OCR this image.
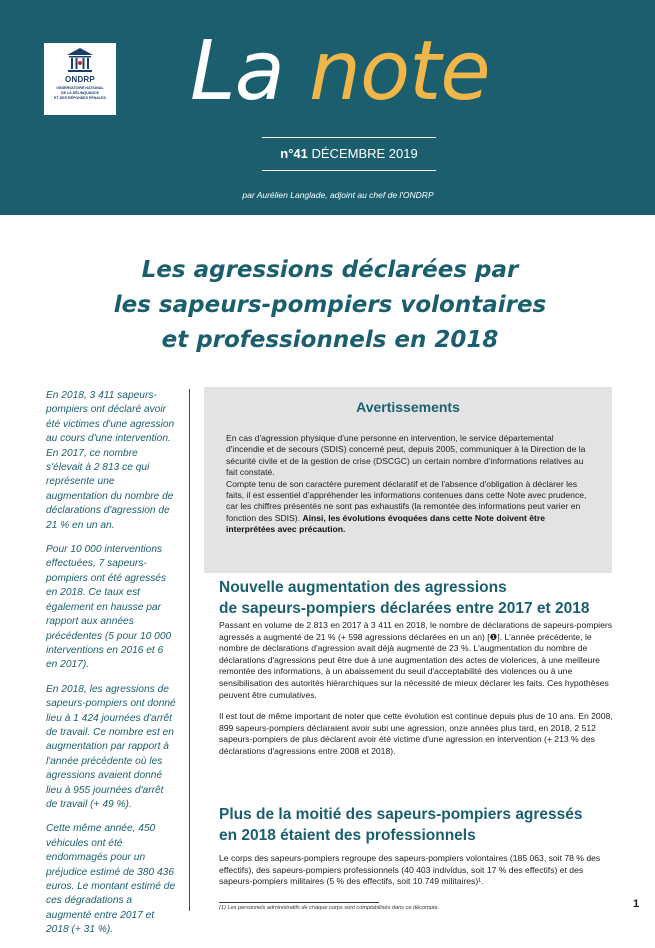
ONDRP
OBSERVATOIRE NATIONAL
DE LA DÉLINQUANCE
ET DES RÉPONSES PÉNALES La note
n°41 DÉCEMBRE 2019
par Aurélien Langlade, adjoint au chef de l'ONDRP
Les agressions déclarées par
les sapeurs-pompiers volontaires
et professionnels en 2018

En 2018, 3 411 sapeurs-pompiers ont déclaré avoir été victimes d'une agression au cours d'une intervention. En 2017, ce nombre s'élevait à 2 813 ce qui représente une augmentation du nombre de déclarations d'agression de 21 % en un an.

Pour 10 000 interventions effectuées, 7 sapeurs-pompiers ont été agressés en 2018. Ce taux est également en hausse par rapport aux années précédentes (5 pour 10 000 interventions en 2016 et 6 en 2017).

En 2018, les agressions de sapeurs-pompiers ont donné lieu à 1 424 journées d'arrêt de travail. Ce nombre est en augmentation par rapport à l'année précédente où les agressions avaient donné lieu à 955 journées d'arrêt de travail (+ 49 %).

Cette même année, 450 véhicules ont été endommagés pour un préjudice estimé de 380 436 euros. Le montant estimé de ces dégradations a augmenté entre 2017 et 2018 (+ 31 %).

Avertissements

En cas d'agression physique d'une personne en intervention, le service départemental d'incendie et de secours (SDIS) concerné peut, depuis 2005, communiquer à la Direction de la sécurité civile et de la gestion de crise (DSCGC) un certain nombre d'informations relatives au fait constaté.

Compte tenu de son caractère purement déclaratif et de l'absence d'obligation à déclarer les faits, il est essentiel d'appréhender les informations contenues dans cette Note avec prudence, car les chiffres présentés ne sont pas exhaustifs (la remontée des informations peut varier en fonction des SDIS). Ainsi, les évolutions évoquées dans cette Note doivent être interprétées avec précaution.

Nouvelle augmentation des agressions
de sapeurs-pompiers déclarées entre 2017 et 2018

Passant en volume de 2 813 en 2017 à 3 411 en 2018, le nombre de déclarations de sapeurs-pompiers agressés a augmenté de 21 % (+ 598 agressions déclarées en un an) [❶]. L'année précédente, le nombre de déclarations d'agression avait déjà augmenté de 23 %. L'augmentation du nombre de déclarations d'agressions peut être due à une augmentation des actes de violences, à une meilleure remontée des informations, à un abaissement du seuil d'acceptabilité des violences ou à une sensibilisation des autorités hiérarchiques sur la nécessité de mieux déclarer les faits. Ces hypothèses peuvent être cumulatives.

Il est tout de même important de noter que cette évolution est continue depuis plus de 10 ans. En 2008, 899 sapeurs-pompiers déclaraient avoir subi une agression, onze années plus tard, en 2018, 2 512 sapeurs-pompiers de plus déclarent avoir été victime d'une agression en intervention (+ 213 % des déclarations d'agressions entre 2008 et 2018).

Plus de la moitié des sapeurs-pompiers agressés
en 2018 étaient des professionnels

Le corps des sapeurs-pompiers regroupe des sapeurs-pompiers volontaires (185 063, soit 78 % des effectifs), des sapeurs-pompiers professionnels (40 403 individus, soit 17 % des effectifs) et des sapeurs-pompiers militaires (5 % des effectifs, soit 10 749 militaires)¹.

(1) Les personnels administratifs de chaque corps sont comptabilisés dans ce décompte.	1
